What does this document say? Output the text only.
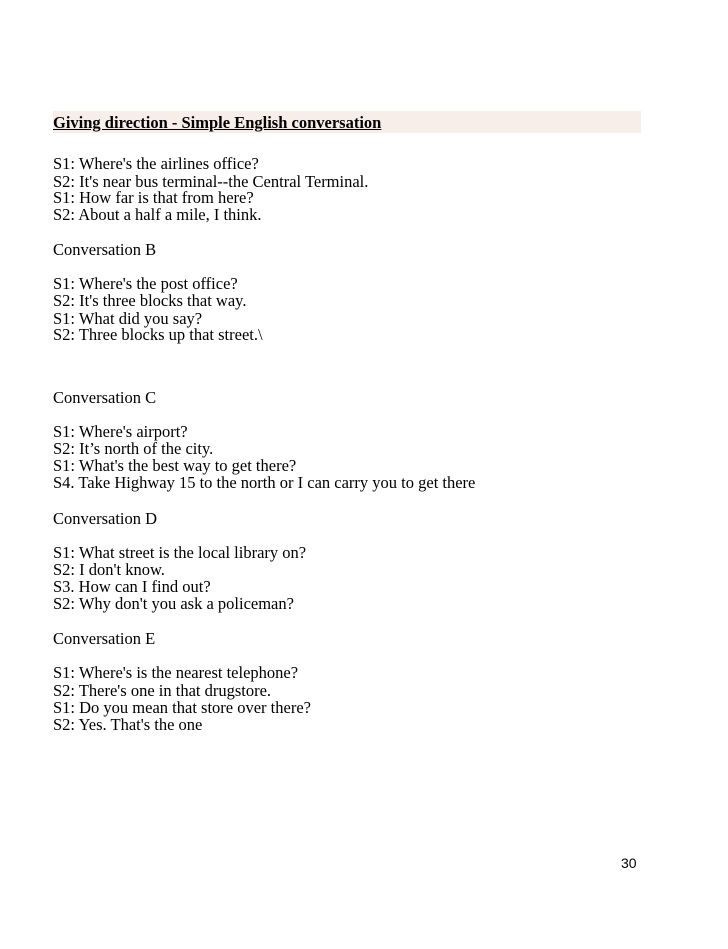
Giving direction - Simple English conversation
S1: Where's the airlines office?
S2: It's near bus terminal--the Central Terminal.
S1: How far is that from here?
S2: About a half a mile, I think.
Conversation B
S1: Where's the post office?
S2: It's three blocks that way.
S1: What did you say?
S2: Three blocks up that street.\
Conversation C
S1: Where's airport?
S2: It’s north of the city.
S1: What's the best way to get there?
S4. Take Highway 15 to the north or I can carry you to get there
Conversation D
S1: What street is the local library on?
S2: I don't know.
S3. How can I find out?
S2: Why don't you ask a policeman?
Conversation E
S1: Where's is the nearest telephone?
S2: There's one in that drugstore.
S1: Do you mean that store over there?
S2: Yes. That's the one
30
